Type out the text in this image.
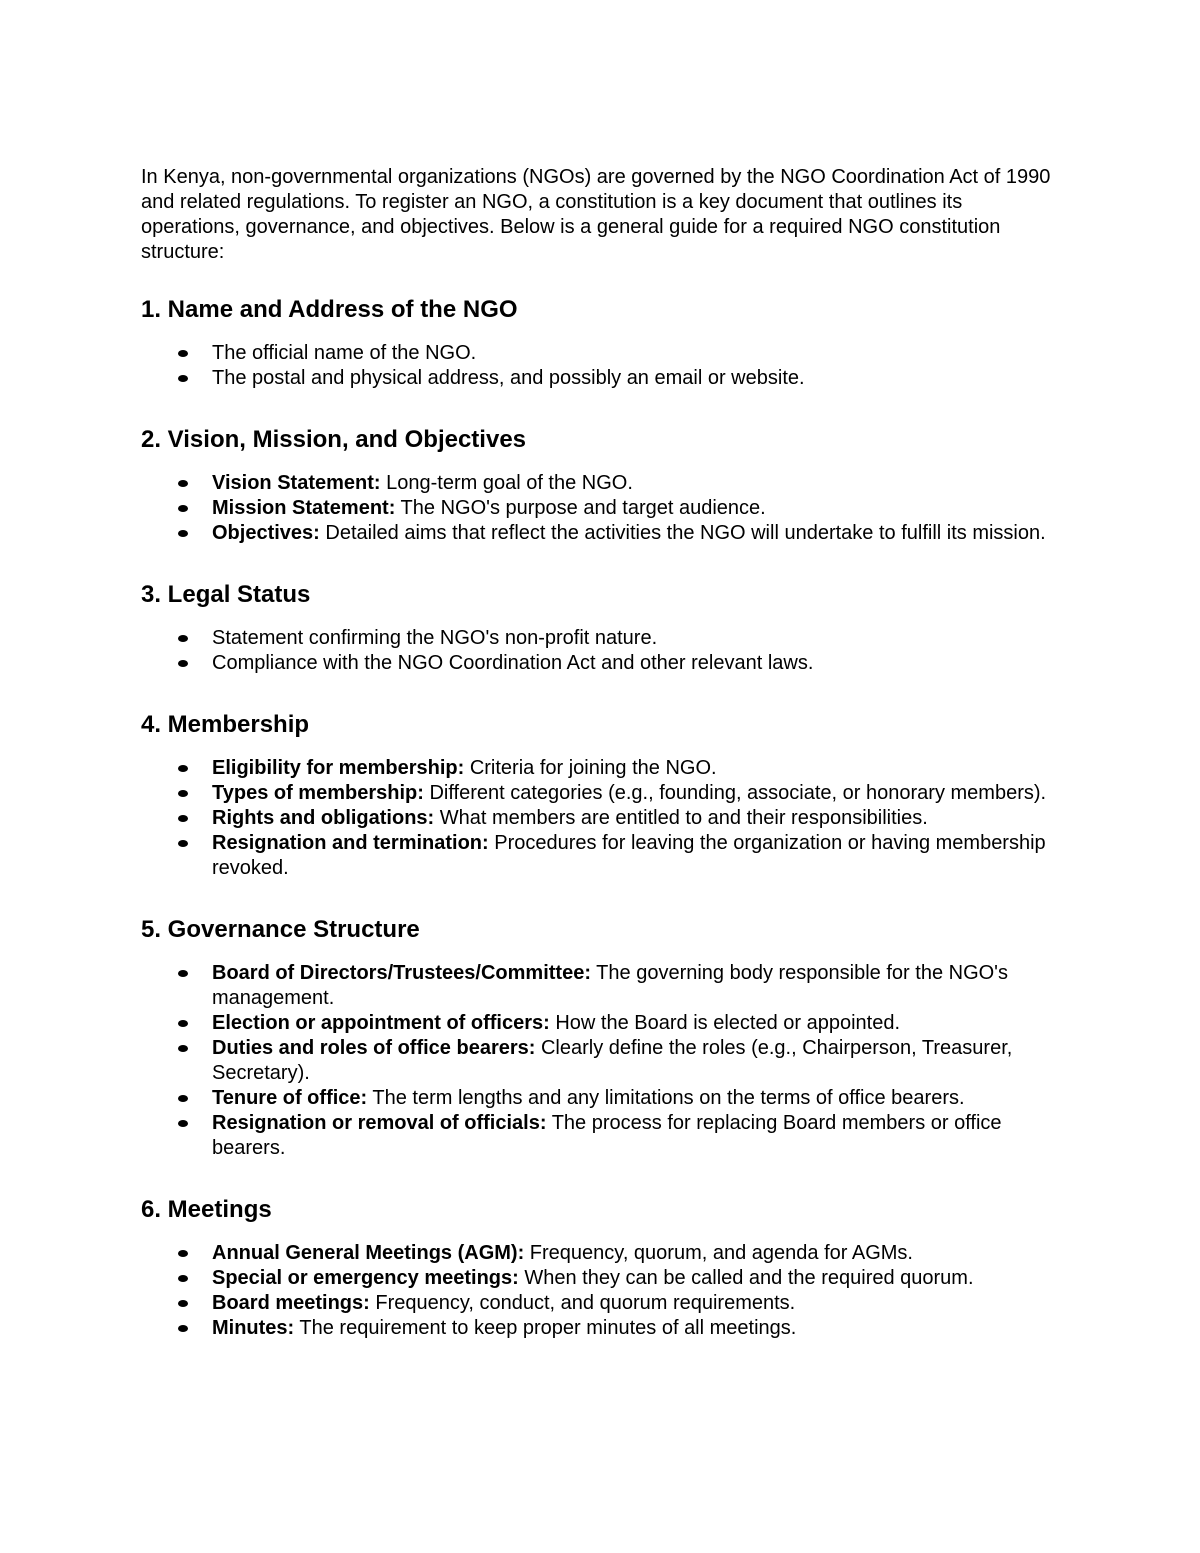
In Kenya, non-governmental organizations (NGOs) are governed by the NGO Coordination Act of 1990 and related regulations. To register an NGO, a constitution is a key document that outlines its operations, governance, and objectives. Below is a general guide for a required NGO constitution structure:

1. Name and Address of the NGO
The official name of the NGO.
The postal and physical address, and possibly an email or website.
2. Vision, Mission, and Objectives
Vision Statement: Long-term goal of the NGO.
Mission Statement: The NGO's purpose and target audience.
Objectives: Detailed aims that reflect the activities the NGO will undertake to fulfill its mission.
3. Legal Status
Statement confirming the NGO's non-profit nature.
Compliance with the NGO Coordination Act and other relevant laws.
4. Membership
Eligibility for membership: Criteria for joining the NGO.
Types of membership: Different categories (e.g., founding, associate, or honorary members).
Rights and obligations: What members are entitled to and their responsibilities.
Resignation and termination: Procedures for leaving the organization or having membership revoked.
5. Governance Structure
Board of Directors/Trustees/Committee: The governing body responsible for the NGO's management.
Election or appointment of officers: How the Board is elected or appointed.
Duties and roles of office bearers: Clearly define the roles (e.g., Chairperson, Treasurer, Secretary).
Tenure of office: The term lengths and any limitations on the terms of office bearers.
Resignation or removal of officials: The process for replacing Board members or office bearers.
6. Meetings
Annual General Meetings (AGM): Frequency, quorum, and agenda for AGMs.
Special or emergency meetings: When they can be called and the required quorum.
Board meetings: Frequency, conduct, and quorum requirements.
Minutes: The requirement to keep proper minutes of all meetings.
